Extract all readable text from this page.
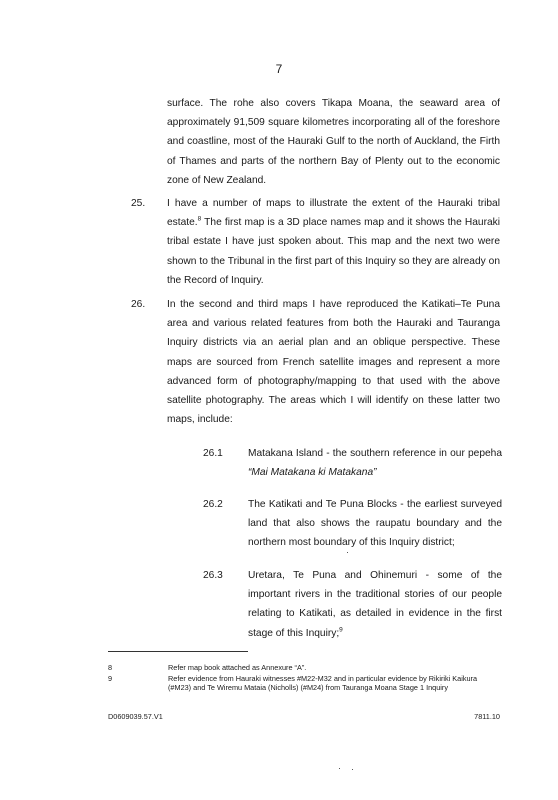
7
surface. The rohe also covers Tikapa Moana, the seaward area of approximately 91,509 square kilometres incorporating all of the foreshore and coastline, most of the Hauraki Gulf to the north of Auckland, the Firth of Thames and parts of the northern Bay of Plenty out to the economic zone of New Zealand.
25. I have a number of maps to illustrate the extent of the Hauraki tribal estate.$^8$ The first map is a 3D place names map and it shows the Hauraki tribal estate I have just spoken about. This map and the next two were shown to the Tribunal in the first part of this Inquiry so they are already on the Record of Inquiry.
26. In the second and third maps I have reproduced the Katikati–Te Puna area and various related features from both the Hauraki and Tauranga Inquiry districts via an aerial plan and an oblique perspective. These maps are sourced from French satellite images and represent a more advanced form of photography/mapping to that used with the above satellite photography. The areas which I will identify on these latter two maps, include:
26.1 Matakana Island - the southern reference in our pepeha “Mai Matakana ki Matakana”
26.2 The Katikati and Te Puna Blocks - the earliest surveyed land that also shows the raupatu boundary and the northern most boundary of this Inquiry district;
26.3 Uretara, Te Puna and Ohinemuri - some of the important rivers in the traditional stories of our people relating to Katikati, as detailed in evidence in the first stage of this Inquiry;$^9$
8	Refer map book attached as Annexure “A”.
9	Refer evidence from Hauraki witnesses #M22-M32 and in particular evidence by Rikiriki Kaikura (#M23) and Te Wiremu Mataia (Nicholls) (#M24) from Tauranga Moana Stage 1 Inquiry
D0609039.57.V1	7811.10
